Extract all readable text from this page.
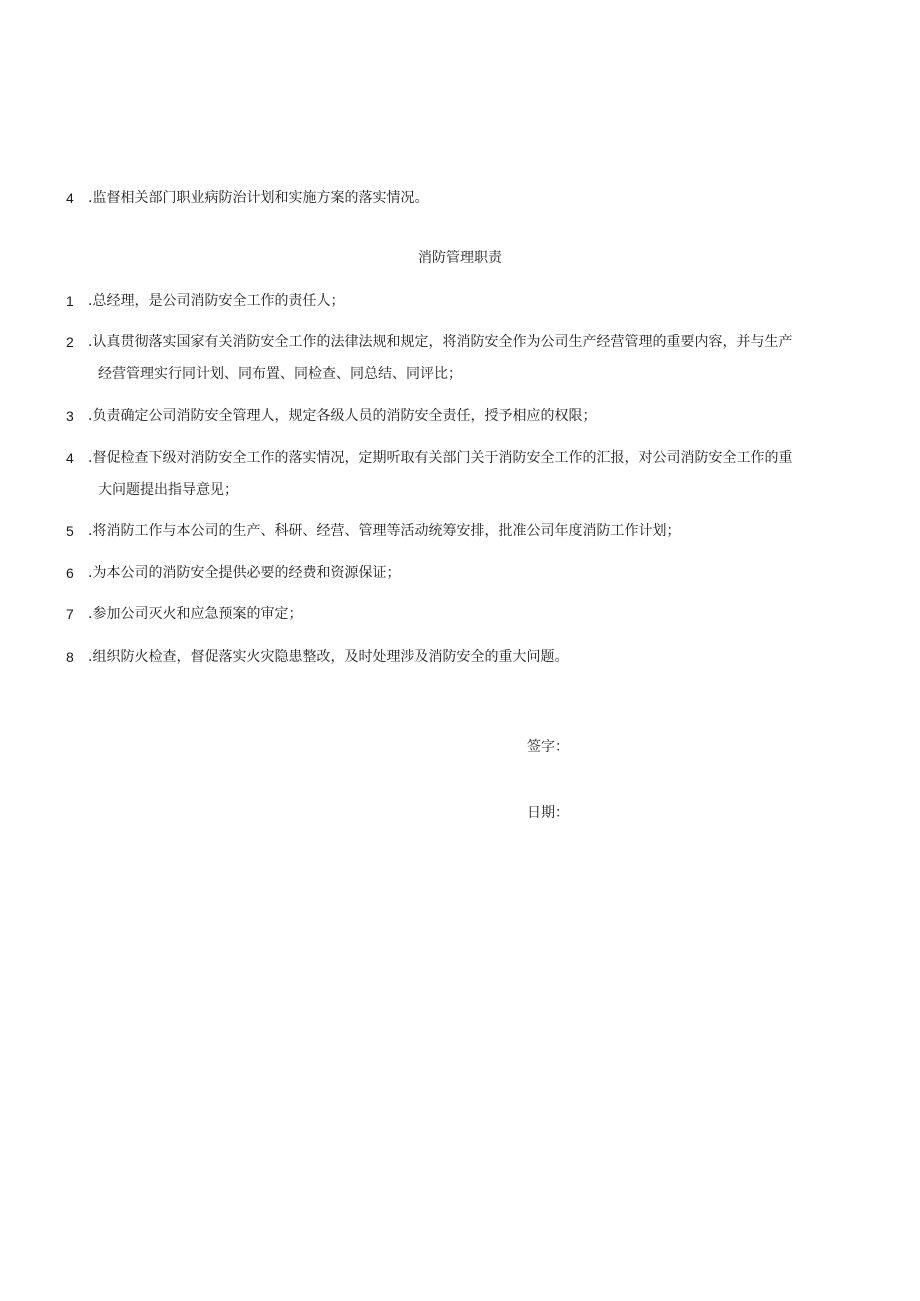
4	.监督相关部门职业病防治计划和实施方案的落实情况。
消防管理职责
1	.总经理，是公司消防安全工作的责任人；
2	.认真贯彻落实国家有关消防安全工作的法律法规和规定，将消防安全作为公司生产经营管理的重要内容，并与生产
经营管理实行同计划、同布置、同检查、同总结、同评比；
3	.负责确定公司消防安全管理人，规定各级人员的消防安全责任，授予相应的权限；
4	.督促检查下级对消防安全工作的落实情况，定期听取有关部门关于消防安全工作的汇报，对公司消防安全工作的重
大问题提出指导意见；
5	.将消防工作与本公司的生产、科研、经营、管理等活动统筹安排，批准公司年度消防工作计划；
6	.为本公司的消防安全提供必要的经费和资源保证；
7	.参加公司灭火和应急预案的审定；
8	.组织防火检查，督促落实火灾隐患整改，及时处理涉及消防安全的重大问题。
签字：
日期：
